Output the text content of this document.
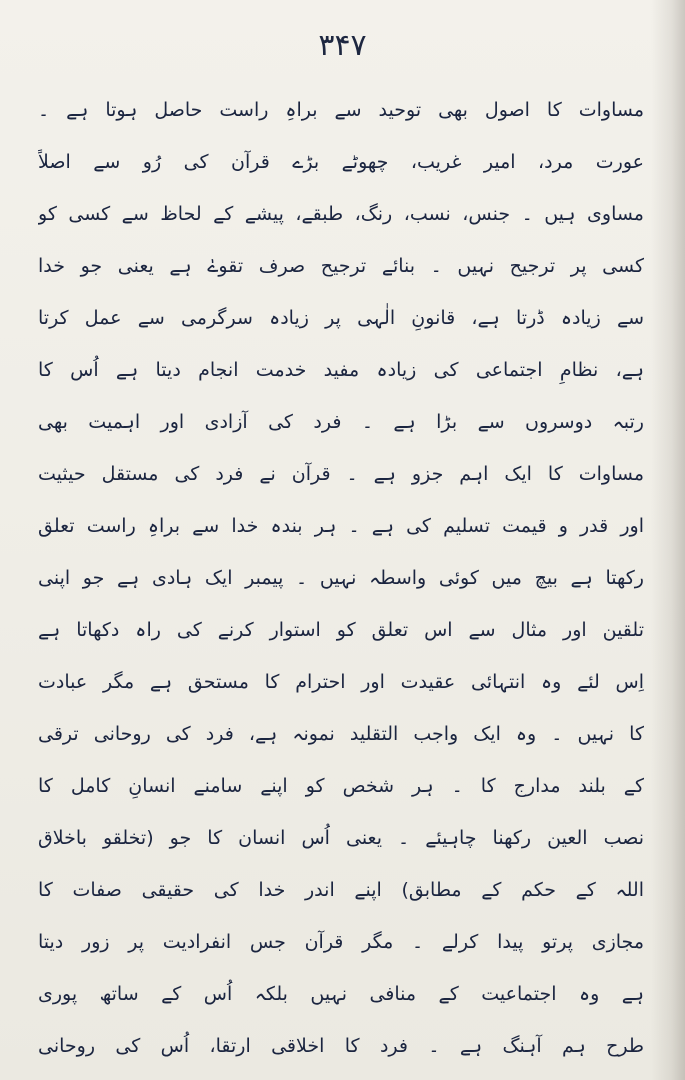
۳۴۷
مساوات کا اصول بھی توحید سے براہِ راست حاصل ہوتا ہے ۔
عورت مرد، امیر غریب، چھوٹے بڑے قرآن کی رُو سے اصلاً
مساوی ہیں ۔ جنس، نسب، رنگ، طبقے، پیشے کے لحاظ سے کسی کو
کسی پر ترجیح نہیں ۔ بنائے ترجیح صرف تقوےٰ ہے یعنی جو خدا
سے زیادہ ڈرتا ہے، قانونِ الٰہی پر زیادہ سرگرمی سے عمل کرتا
ہے، نظامِ اجتماعی کی زیادہ مفید خدمت انجام دیتا ہے اُس کا
رتبہ دوسروں سے بڑا ہے ۔ فرد کی آزادی اور اہمیت بھی
مساوات کا ایک اہم جزو ہے ۔ قرآن نے فرد کی مستقل حیثیت
اور قدر و قیمت تسلیم کی ہے ۔ ہر بندہ خدا سے براہِ راست تعلق
رکھتا ہے بیچ میں کوئی واسطہ نہیں ۔ پیمبر ایک ہادی ہے جو اپنی
تلقین اور مثال سے اس تعلق کو استوار کرنے کی راہ دکھاتا ہے
اِس لئے وہ انتہائی عقیدت اور احترام کا مستحق ہے مگر عبادت
کا نہیں ۔ وہ ایک واجب التقلید نمونہ ہے، فرد کی روحانی ترقی
کے بلند مدارج کا ۔ ہر شخص کو اپنے سامنے انسانِ کامل کا
نصب العین رکھنا چاہیئے ۔ یعنی اُس انسان کا جو (تخلقو باخلاق
اللہ کے حکم کے مطابق) اپنے اندر خدا کی حقیقی صفات کا
مجازی پرتو پیدا کرلے ۔ مگر قرآن جس انفرادیت پر زور دیتا
ہے وہ اجتماعیت کے منافی نہیں بلکہ اُس کے ساتھ پوری
طرح ہم آہنگ ہے ۔ فرد کا اخلاقی ارتقا، اُس کی روحانی
